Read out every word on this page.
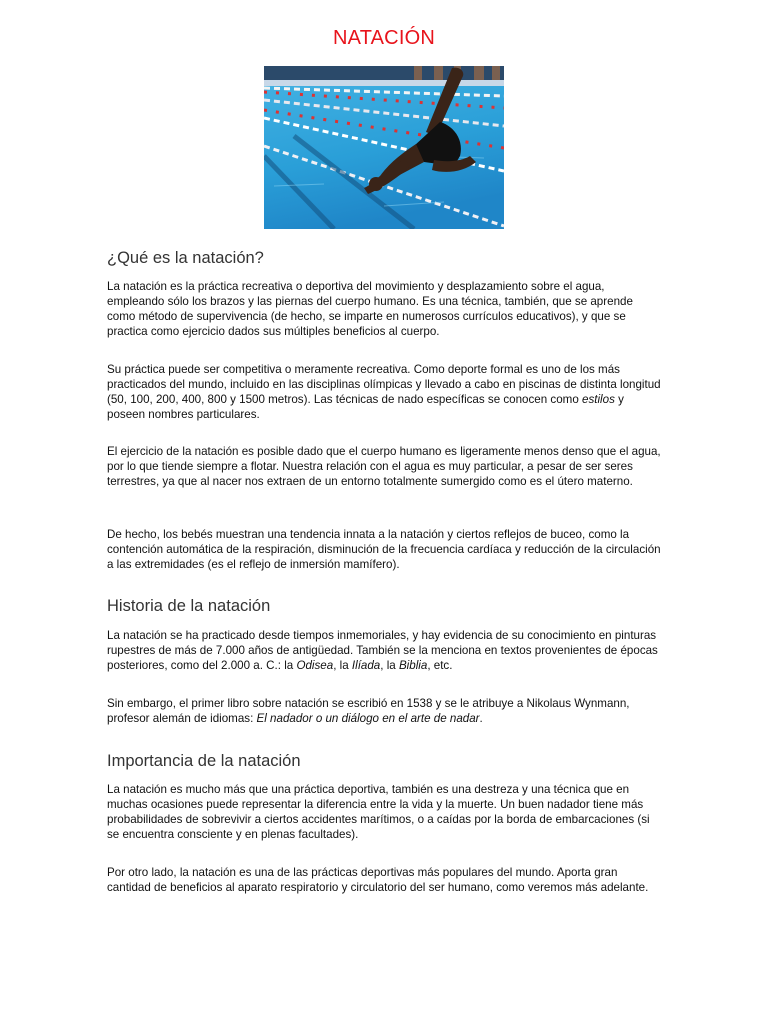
NATACIÓN
¿Qué es la natación?

La natación es la práctica recreativa o deportiva del movimiento y desplazamiento sobre el agua, empleando sólo los brazos y las piernas del cuerpo humano. Es una técnica, también, que se aprende como método de supervivencia (de hecho, se imparte en numerosos currículos educativos), y que se practica como ejercicio dados sus múltiples beneficios al cuerpo.

Su práctica puede ser competitiva o meramente recreativa. Como deporte formal es uno de los más practicados del mundo, incluido en las disciplinas olímpicas y llevado a cabo en piscinas de distinta longitud (50, 100, 200, 400, 800 y 1500 metros). Las técnicas de nado específicas se conocen como estilos y poseen nombres particulares.

El ejercicio de la natación es posible dado que el cuerpo humano es ligeramente menos denso que el agua, por lo que tiende siempre a flotar. Nuestra relación con el agua es muy particular, a pesar de ser seres terrestres, ya que al nacer nos extraen de un entorno totalmente sumergido como es el útero materno.

De hecho, los bebés muestran una tendencia innata a la natación y ciertos reflejos de buceo, como la contención automática de la respiración, disminución de la frecuencia cardíaca y reducción de la circulación a las extremidades (es el reflejo de inmersión mamífero).

Historia de la natación

La natación se ha practicado desde tiempos inmemoriales, y hay evidencia de su conocimiento en pinturas rupestres de más de 7.000 años de antigüedad. También se la menciona en textos provenientes de épocas posteriores, como del 2.000 a. C.: la Odisea, la Ilíada, la Biblia, etc.

Sin embargo, el primer libro sobre natación se escribió en 1538 y se le atribuye a Nikolaus Wynmann, profesor alemán de idiomas: El nadador o un diálogo en el arte de nadar.

Importancia de la natación

La natación es mucho más que una práctica deportiva, también es una destreza y una técnica que en muchas ocasiones puede representar la diferencia entre la vida y la muerte. Un buen nadador tiene más probabilidades de sobrevivir a ciertos accidentes marítimos, o a caídas por la borda de embarcaciones (si se encuentra consciente y en plenas facultades).

Por otro lado, la natación es una de las prácticas deportivas más populares del mundo. Aporta gran cantidad de beneficios al aparato respiratorio y circulatorio del ser humano, como veremos más adelante.
